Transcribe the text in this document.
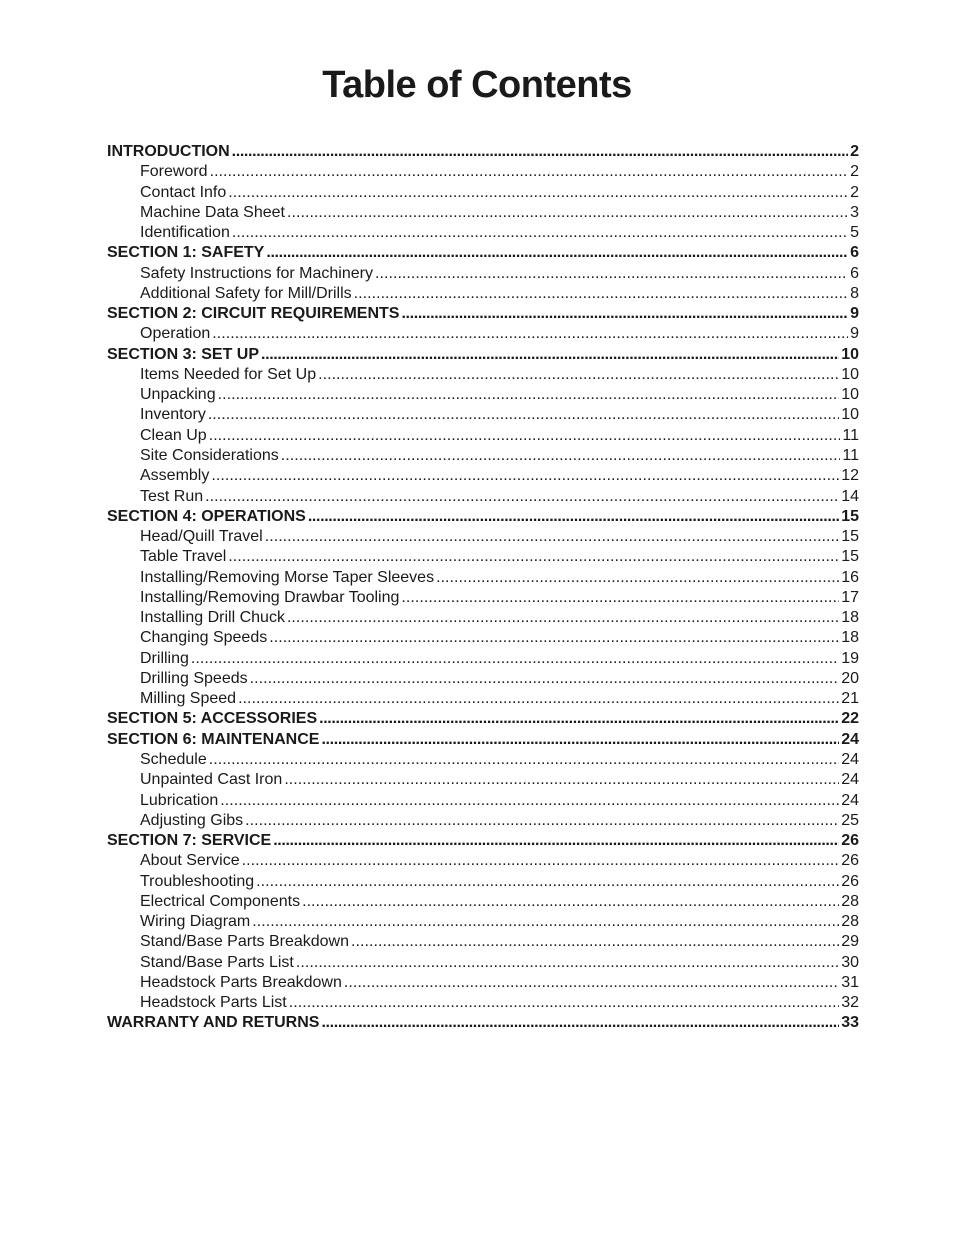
Table of Contents
INTRODUCTION . . .	2
Foreword . . .	2
Contact Info . . .	2
Machine Data Sheet . . .	3
Identification . . .	5
SECTION 1: SAFETY . . .	6
Safety Instructions for Machinery . . .	6
Additional Safety for Mill/Drills . . .	8
SECTION 2: CIRCUIT REQUIREMENTS . . .	9
Operation . . .	9
SECTION 3: SET UP . . .	10
Items Needed for Set Up . . .	10
Unpacking . . .	10
Inventory . . .	10
Clean Up . . .	11
Site Considerations . . .	11
Assembly . . .	12
Test Run . . .	14
SECTION 4: OPERATIONS . . .	15
Head/Quill Travel . . .	15
Table Travel . . .	15
Installing/Removing Morse Taper Sleeves . . .	16
Installing/Removing Drawbar Tooling . . .	17
Installing Drill Chuck . . .	18
Changing Speeds . . .	18
Drilling . . .	19
Drilling Speeds . . .	20
Milling Speed . . .	21
SECTION 5: ACCESSORIES . . .	22
SECTION 6: MAINTENANCE . . .	24
Schedule . . .	24
Unpainted Cast Iron . . .	24
Lubrication . . .	24
Adjusting Gibs . . .	25
SECTION 7: SERVICE . . .	26
About Service . . .	26
Troubleshooting . . .	26
Electrical Components . . .	28
Wiring Diagram . . .	28
Stand/Base Parts Breakdown . . .	29
Stand/Base Parts List . . .	30
Headstock Parts Breakdown . . .	31
Headstock Parts List . . .	32
WARRANTY AND RETURNS . . .	33
